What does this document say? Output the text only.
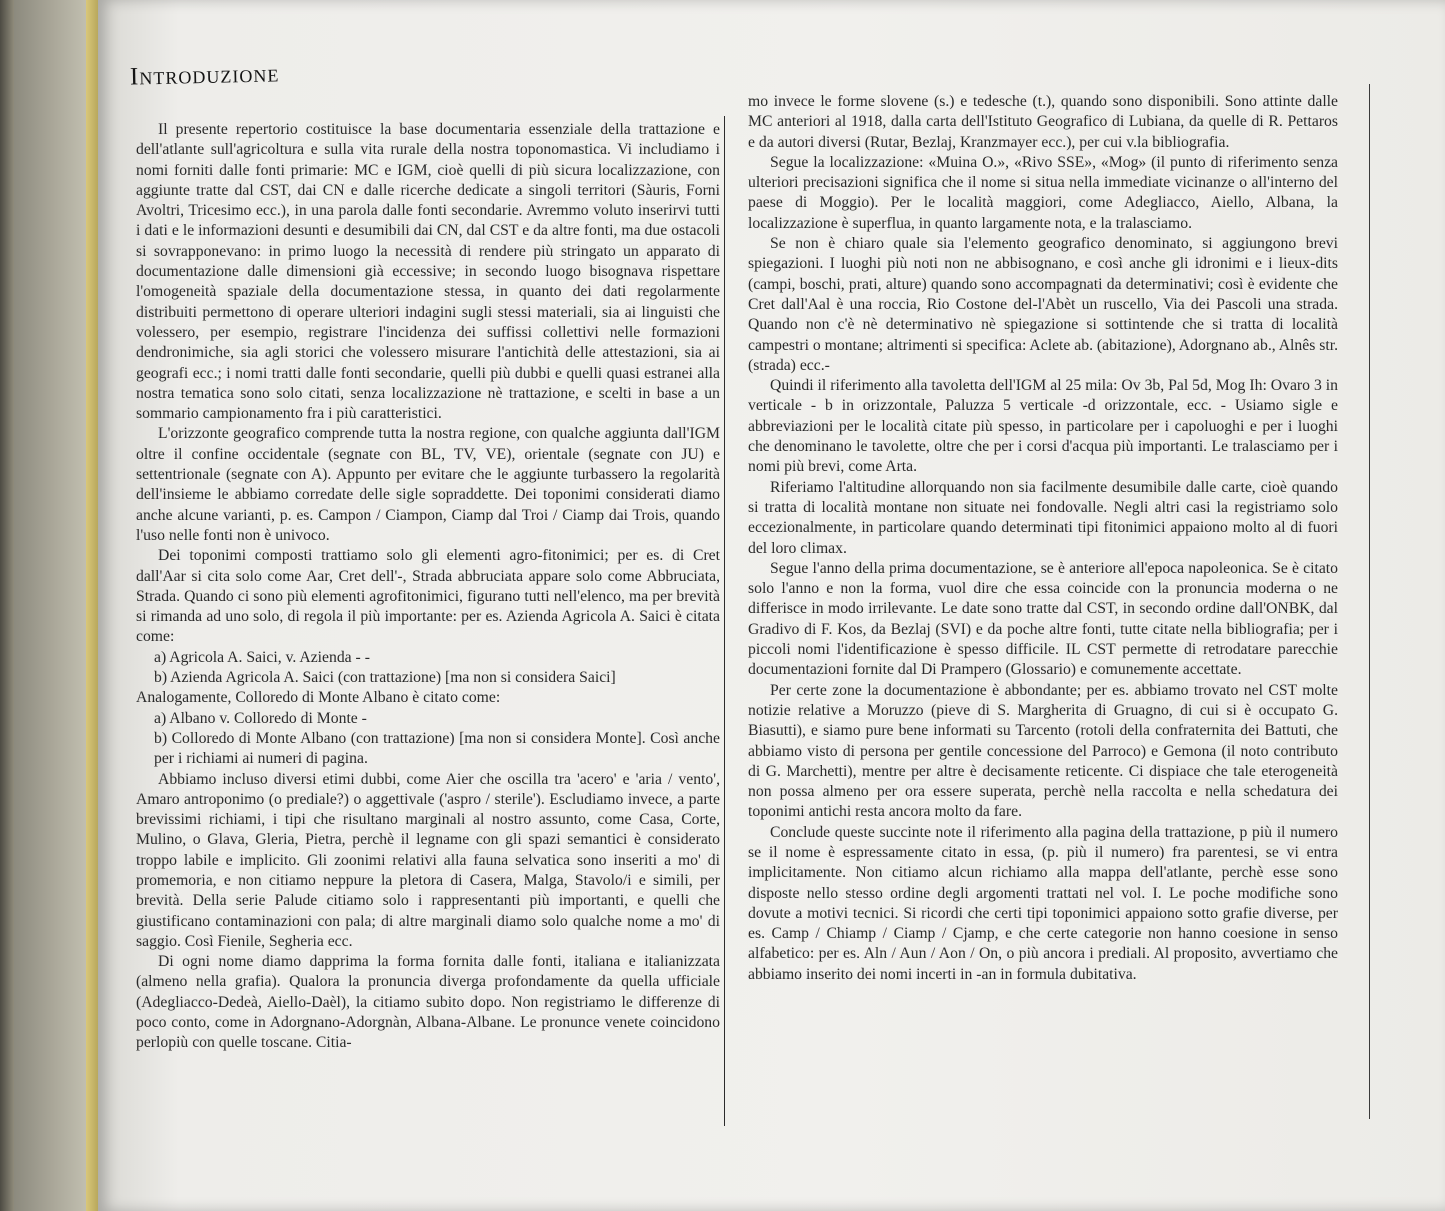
Introduzione

Il presente repertorio costituisce la base documentaria essenziale della trattazione e dell'atlante sull'agricoltura e sulla vita rurale della nostra toponomastica. Vi includiamo i nomi forniti dalle fonti primarie: MC e IGM, cioè quelli di più sicura localizzazione, con aggiunte tratte dal CST, dai CN e dalle ricerche dedicate a singoli territori (Sàuris, Forni Avoltri, Tricesimo ecc.), in una parola dalle fonti secondarie. Avremmo voluto inserirvi tutti i dati e le informazioni desunti e desumibili dai CN, dal CST e da altre fonti, ma due ostacoli si sovrapponevano: in primo luogo la necessità di rendere più stringato un apparato di documentazione dalle dimensioni già eccessive; in secondo luogo bisognava rispettare l'omogeneità spaziale della documentazione stessa, in quanto dei dati regolarmente distribuiti permettono di operare ulteriori indagini sugli stessi materiali, sia ai linguisti che volessero, per esempio, registrare l'incidenza dei suffissi collettivi nelle formazioni dendronimiche, sia agli storici che volessero misurare l'antichità delle attestazioni, sia ai geografi ecc.; i nomi tratti dalle fonti secondarie, quelli più dubbi e quelli quasi estranei alla nostra tematica sono solo citati, senza localizzazione nè trattazione, e scelti in base a un sommario campionamento fra i più caratteristici.

L'orizzonte geografico comprende tutta la nostra regione, con qualche aggiunta dall'IGM oltre il confine occidentale (segnate con BL, TV, VE), orientale (segnate con JU) e settentrionale (segnate con A). Appunto per evitare che le aggiunte turbassero la regolarità dell'insieme le abbiamo corredate delle sigle sopraddette. Dei toponimi considerati diamo anche alcune varianti, p. es. Campon / Ciampon, Ciamp dal Troi / Ciamp dai Trois, quando l'uso nelle fonti non è univoco.

Dei toponimi composti trattiamo solo gli elementi agro-fitonimici; per es. di Cret dall'Aar si cita solo come Aar, Cret dell'-, Strada abbruciata appare solo come Abbruciata, Strada. Quando ci sono più elementi agrofitonimici, figurano tutti nell'elenco, ma per brevità si rimanda ad uno solo, di regola il più importante: per es. Azienda Agricola A. Saici è citata come:

a) Agricola A. Saici, v. Azienda - -

b) Azienda Agricola A. Saici (con trattazione) [ma non si considera Saici]

Analogamente, Colloredo di Monte Albano è citato come:

a) Albano v. Colloredo di Monte -

b) Colloredo di Monte Albano (con trattazione) [ma non si considera Monte]. Così anche per i richiami ai numeri di pagina.

Abbiamo incluso diversi etimi dubbi, come Aier che oscilla tra 'acero' e 'aria / vento', Amaro antroponimo (o prediale?) o aggettivale ('aspro / sterile'). Escludiamo invece, a parte brevissimi richiami, i tipi che risultano marginali al nostro assunto, come Casa, Corte, Mulino, o Glava, Gleria, Pietra, perchè il legname con gli spazi semantici è considerato troppo labile e implicito. Gli zoonimi relativi alla fauna selvatica sono inseriti a mo' di promemoria, e non citiamo neppure la pletora di Casera, Malga, Stavolo/i e simili, per brevità. Della serie Palude citiamo solo i rappresentanti più importanti, e quelli che giustificano contaminazioni con pala; di altre marginali diamo solo qualche nome a mo' di saggio. Così Fienile, Segheria ecc.

Di ogni nome diamo dapprima la forma fornita dalle fonti, italiana e italianizzata (almeno nella grafia). Qualora la pronuncia diverga profondamente da quella ufficiale (Adegliacco-Dedeà, Aiello-Daèl), la citiamo subito dopo. Non registriamo le differenze di poco conto, come in Adorgnano-Adorgnàn, Albana-Albane. Le pronunce venete coincidono perlopiù con quelle toscane. Citia-

mo invece le forme slovene (s.) e tedesche (t.), quando sono disponibili. Sono attinte dalle MC anteriori al 1918, dalla carta dell'Istituto Geografico di Lubiana, da quelle di R. Pettaros e da autori diversi (Rutar, Bezlaj, Kranzmayer ecc.), per cui v.la bibliografia.

Segue la localizzazione: «Muina O.», «Rivo SSE», «Mog» (il punto di riferimento senza ulteriori precisazioni significa che il nome si situa nella immediate vicinanze o all'interno del paese di Moggio). Per le località maggiori, come Adegliacco, Aiello, Albana, la localizzazione è superflua, in quanto largamente nota, e la tralasciamo.

Se non è chiaro quale sia l'elemento geografico denominato, si aggiungono brevi spiegazioni. I luoghi più noti non ne abbisognano, e così anche gli idronimi e i lieux-dits (campi, boschi, prati, alture) quando sono accompagnati da determinativi; così è evidente che Cret dall'Aal è una roccia, Rio Costone del-l'Abèt un ruscello, Via dei Pascoli una strada. Quando non c'è nè determinativo nè spiegazione si sottintende che si tratta di località campestri o montane; altrimenti si specifica: Aclete ab. (abitazione), Adorgnano ab., Alnês str. (strada) ecc.-

Quindi il riferimento alla tavoletta dell'IGM al 25 mila: Ov 3b, Pal 5d, Mog Ih: Ovaro 3 in verticale - b in orizzontale, Paluzza 5 verticale -d orizzontale, ecc. - Usiamo sigle e abbreviazioni per le località citate più spesso, in particolare per i capoluoghi e per i luoghi che denominano le tavolette, oltre che per i corsi d'acqua più importanti. Le tralasciamo per i nomi più brevi, come Arta.

Riferiamo l'altitudine allorquando non sia facilmente desumibile dalle carte, cioè quando si tratta di località montane non situate nei fondovalle. Negli altri casi la registriamo solo eccezionalmente, in particolare quando determinati tipi fitonimici appaiono molto al di fuori del loro climax.

Segue l'anno della prima documentazione, se è anteriore all'epoca napoleonica. Se è citato solo l'anno e non la forma, vuol dire che essa coincide con la pronuncia moderna o ne differisce in modo irrilevante. Le date sono tratte dal CST, in secondo ordine dall'ONBK, dal Gradivo di F. Kos, da Bezlaj (SVI) e da poche altre fonti, tutte citate nella bibliografia; per i piccoli nomi l'identificazione è spesso difficile. IL CST permette di retrodatare parecchie documentazioni fornite dal Di Prampero (Glossario) e comunemente accettate.

Per certe zone la documentazione è abbondante; per es. abbiamo trovato nel CST molte notizie relative a Moruzzo (pieve di S. Margherita di Gruagno, di cui si è occupato G. Biasutti), e siamo pure bene informati su Tarcento (rotoli della confraternita dei Battuti, che abbiamo visto di persona per gentile concessione del Parroco) e Gemona (il noto contributo di G. Marchetti), mentre per altre è decisamente reticente. Ci dispiace che tale eterogeneità non possa almeno per ora essere superata, perchè nella raccolta e nella schedatura dei toponimi antichi resta ancora molto da fare.

Conclude queste succinte note il riferimento alla pagina della trattazione, p più il numero se il nome è espressamente citato in essa, (p. più il numero) fra parentesi, se vi entra implicitamente. Non citiamo alcun richiamo alla mappa dell'atlante, perchè esse sono disposte nello stesso ordine degli argomenti trattati nel vol. I. Le poche modifiche sono dovute a motivi tecnici. Si ricordi che certi tipi toponimici appaiono sotto grafie diverse, per es. Camp / Chiamp / Ciamp / Cjamp, e che certe categorie non hanno coesione in senso alfabetico: per es. Aln / Aun / Aon / On, o più ancora i prediali. Al proposito, avvertiamo che abbiamo inserito dei nomi incerti in -an in formula dubitativa.
